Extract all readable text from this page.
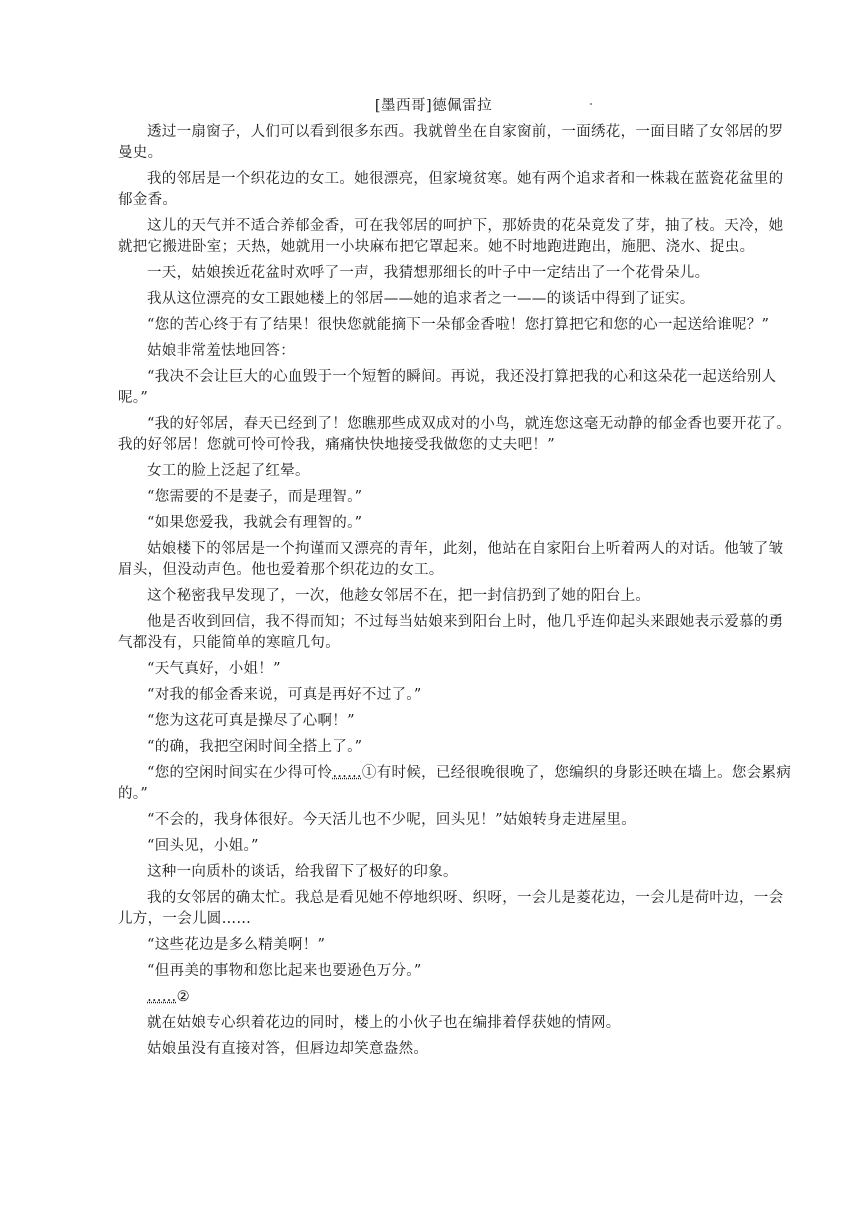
[墨西哥]德佩雷拉

透过一扇窗子，人们可以看到很多东西。我就曾坐在自家窗前，一面绣花，一面目睹了女邻居的罗曼史。

我的邻居是一个织花边的女工。她很漂亮，但家境贫寒。她有两个追求者和一株栽在蓝瓷花盆里的郁金香。

这儿的天气并不适合养郁金香，可在我邻居的呵护下，那娇贵的花朵竟发了芽，抽了枝。天冷，她就把它搬进卧室；天热，她就用一小块麻布把它罩起来。她不时地跑进跑出，施肥、浇水、捉虫。

一天，姑娘挨近花盆时欢呼了一声，我猜想那细长的叶子中一定结出了一个花骨朵儿。

我从这位漂亮的女工跟她楼上的邻居——她的追求者之一——的谈话中得到了证实。

“您的苦心终于有了结果！很快您就能摘下一朵郁金香啦！您打算把它和您的心一起送给谁呢？”

姑娘非常羞怯地回答：

“我决不会让巨大的心血毁于一个短暂的瞬间。再说，我还没打算把我的心和这朵花一起送给别人呢。”

“我的好邻居，春天已经到了！您瞧那些成双成对的小鸟，就连您这毫无动静的郁金香也要开花了。我的好邻居！您就可怜可怜我，痛痛快快地接受我做您的丈夫吧！”

女工的脸上泛起了红晕。

“您需要的不是妻子，而是理智。”

“如果您爱我，我就会有理智的。”

姑娘楼下的邻居是一个拘谨而又漂亮的青年，此刻，他站在自家阳台上听着两人的对话。他皱了皱眉头，但没动声色。他也爱着那个织花边的女工。

这个秘密我早发现了，一次，他趁女邻居不在，把一封信扔到了她的阳台上。

他是否收到回信，我不得而知；不过每当姑娘来到阳台上时，他几乎连仰起头来跟她表示爱慕的勇气都没有，只能简单的寒暄几句。

“天气真好，小姐！”

“对我的郁金香来说，可真是再好不过了。”

“您为这花可真是操尽了心啊！”

“的确，我把空闲时间全搭上了。”

“您的空闲时间实在少得可怜……①有时候，已经很晚很晚了，您编织的身影还映在墙上。您会累病的。”

“不会的，我身体很好。今天活儿也不少呢，回头见！”姑娘转身走进屋里。

“回头见，小姐。”

这种一向质朴的谈话，给我留下了极好的印象。

我的女邻居的确太忙。我总是看见她不停地织呀、织呀，一会儿是菱花边，一会儿是荷叶边，一会儿方，一会儿圆……

“这些花边是多么精美啊！”

“但再美的事物和您比起来也要逊色万分。”

……②

就在姑娘专心织着花边的同时，楼上的小伙子也在编排着俘获她的情网。

姑娘虽没有直接对答，但唇边却笑意盎然。
